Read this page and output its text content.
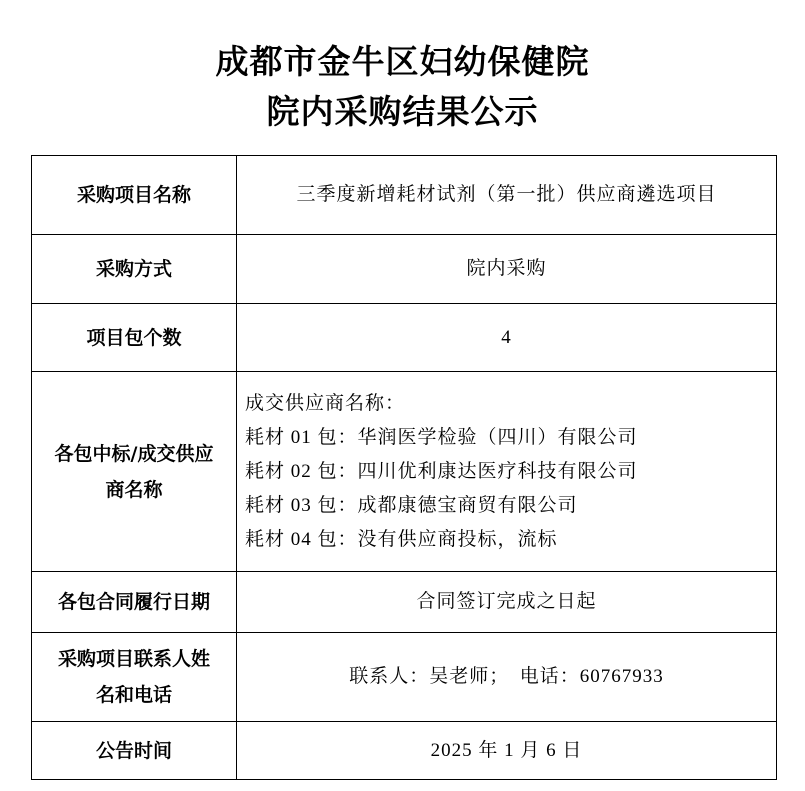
成都市金牛区妇幼保健院
院内采购结果公示
采购项目名称	三季度新增耗材试剂（第一批）供应商遴选项目

采购方式	院内采购

项目包个数	4

各包中标/成交供应
商名称	成交供应商名称：
耗材 01 包：华润医学检验（四川）有限公司
耗材 02 包：四川优利康达医疗科技有限公司
耗材 03 包：成都康德宝商贸有限公司
耗材 04 包：没有供应商投标，流标

各包合同履行日期	合同签订完成之日起

采购项目联系人姓
名和电话	联系人：吴老师；　电话：60767933

公告时间	2025 年 1 月 6 日
